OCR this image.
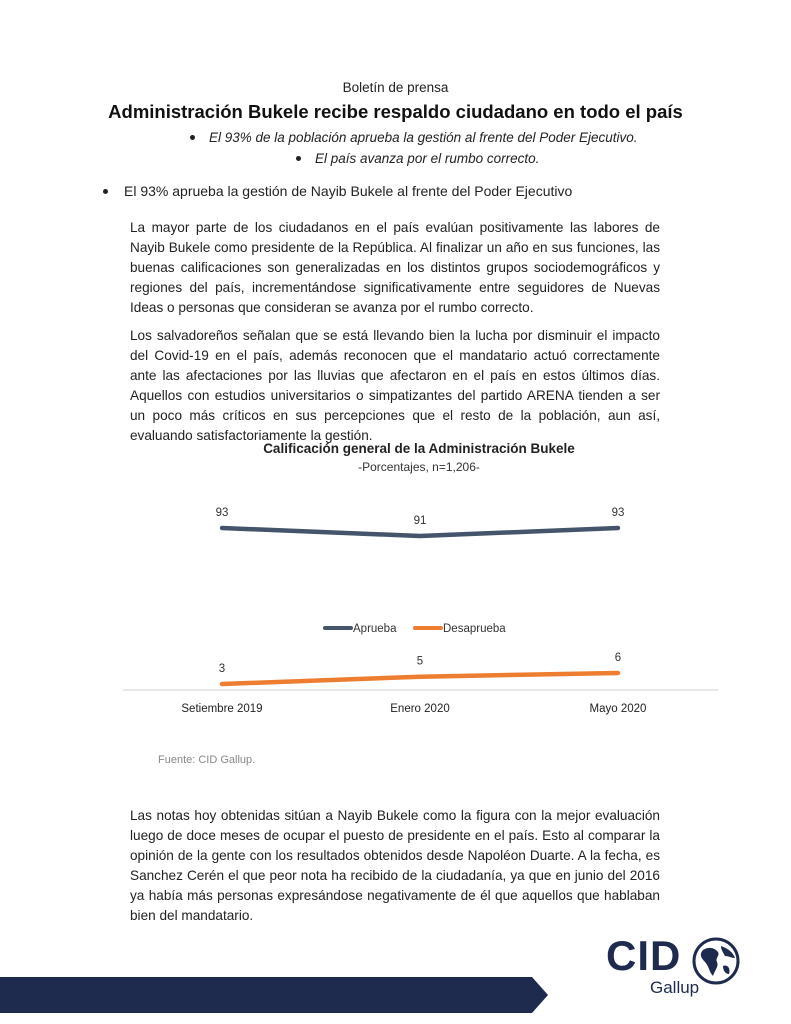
Boletín de prensa
Administración Bukele recibe respaldo ciudadano en todo el país
El 93% de la población aprueba la gestión al frente del Poder Ejecutivo.
El país avanza por el rumbo correcto.
El 93% aprueba la gestión de Nayib Bukele al frente del Poder Ejecutivo
La mayor parte de los ciudadanos en el país evalúan positivamente las labores de Nayib Bukele como presidente de la República. Al finalizar un año en sus funciones, las buenas calificaciones son generalizadas en los distintos grupos sociodemográficos y regiones del país, incrementándose significativamente entre seguidores de Nuevas Ideas o personas que consideran se avanza por el rumbo correcto.
Los salvadoreños señalan que se está llevando bien la lucha por disminuir el impacto del Covid-19 en el país, además reconocen que el mandatario actuó correctamente ante las afectaciones por las lluvias que afectaron en el país en estos últimos días. Aquellos con estudios universitarios o simpatizantes del partido ARENA tienden a ser un poco más críticos en sus percepciones que el resto de la población, aun así, evaluando satisfactoriamente la gestión.
Calificación general de la Administración Bukele
-Porcentajes, n=1,206-
93
91
93
3
5	6
Setiembre 2019	Enero 2020	Mayo 2020
Aprueba	Desaprueba
Fuente: CID Gallup.
Las notas hoy obtenidas sitúan a Nayib Bukele como la figura con la mejor evaluación luego de doce meses de ocupar el puesto de presidente en el país. Esto al comparar la opinión de la gente con los resultados obtenidos desde Napoléon Duarte. A la fecha, es Sanchez Cerén el que peor nota ha recibido de la ciudadanía, ya que en junio del 2016 ya había más personas expresándose negativamente de él que aquellos que hablaban bien del mandatario.
CID
Gallup
